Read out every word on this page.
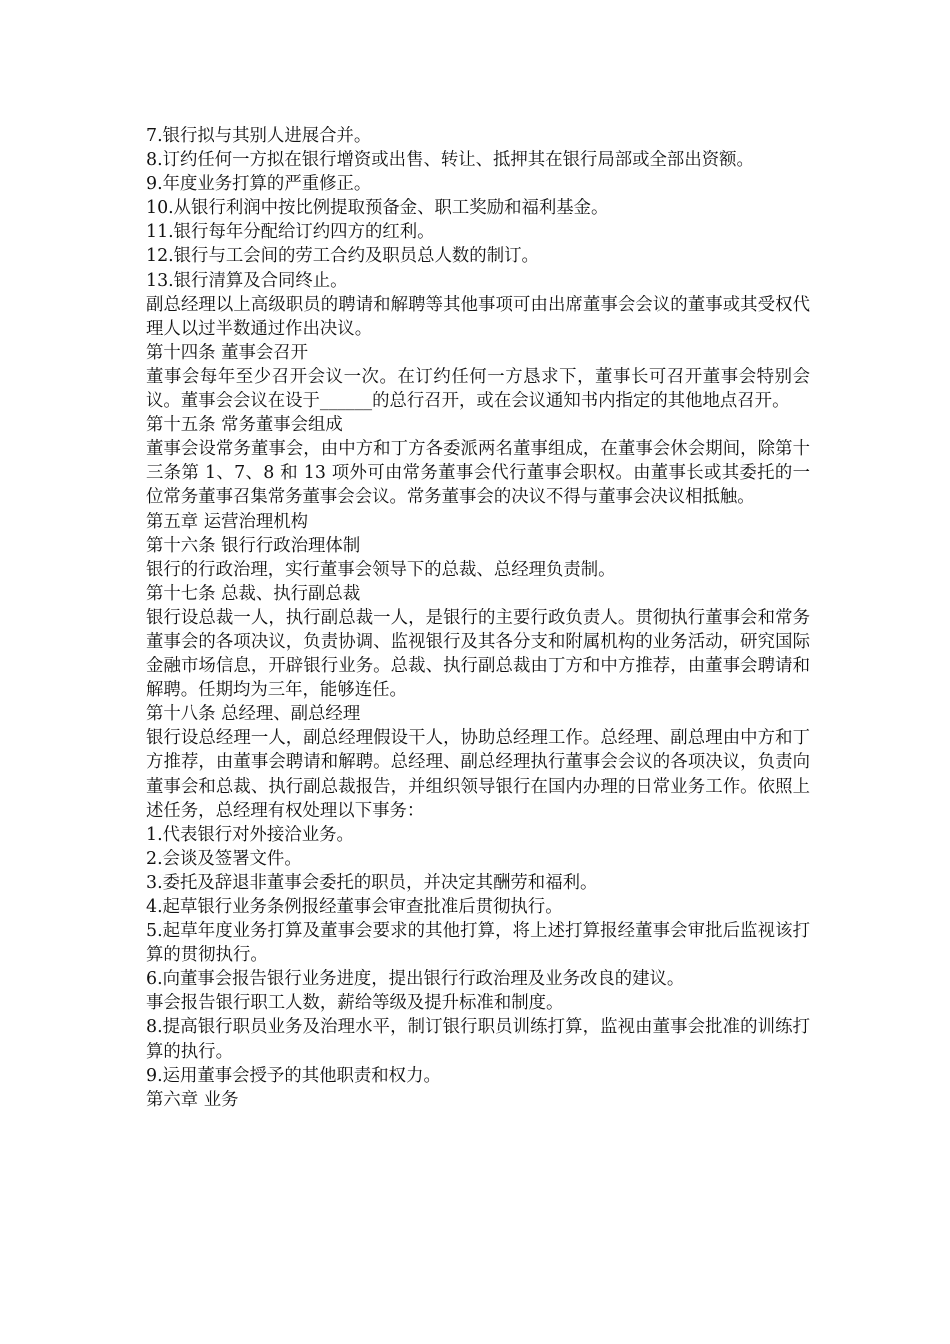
7.银行拟与其别人进展合并。

8.订约任何一方拟在银行增资或出售、转让、抵押其在银行局部或全部出资额。

9.年度业务打算的严重修正。

10.从银行利润中按比例提取预备金、职工奖励和福利基金。

11.银行每年分配给订约四方的红利。

12.银行与工会间的劳工合约及职员总人数的制订。

13.银行清算及合同终止。

副总经理以上高级职员的聘请和解聘等其他事项可由出席董事会会议的董事或其受权代理人以过半数通过作出决议。

第十四条 董事会召开

董事会每年至少召开会议一次。在订约任何一方恳求下，董事长可召开董事会特别会议。董事会会议在设于______的总行召开，或在会议通知书内指定的其他地点召开。

第十五条 常务董事会组成

董事会设常务董事会，由中方和丁方各委派两名董事组成，在董事会休会期间，除第十三条第 1、7、8 和 13 项外可由常务董事会代行董事会职权。由董事长或其委托的一位常务董事召集常务董事会会议。常务董事会的决议不得与董事会决议相抵触。

第五章 运营治理机构

第十六条 银行行政治理体制

银行的行政治理，实行董事会领导下的总裁、总经理负责制。

第十七条 总裁、执行副总裁

银行设总裁一人，执行副总裁一人，是银行的主要行政负责人。贯彻执行董事会和常务董事会的各项决议，负责协调、监视银行及其各分支和附属机构的业务活动，研究国际金融市场信息，开辟银行业务。总裁、执行副总裁由丁方和中方推荐，由董事会聘请和解聘。任期均为三年，能够连任。

第十八条 总经理、副总经理

银行设总经理一人，副总经理假设干人，协助总经理工作。总经理、副总理由中方和丁方推荐，由董事会聘请和解聘。总经理、副总经理执行董事会会议的各项决议，负责向董事会和总裁、执行副总裁报告，并组织领导银行在国内办理的日常业务工作。依照上述任务，总经理有权处理以下事务：

1.代表银行对外接洽业务。

2.会谈及签署文件。

3.委托及辞退非董事会委托的职员，并决定其酬劳和福利。

4.起草银行业务条例报经董事会审查批准后贯彻执行。

5.起草年度业务打算及董事会要求的其他打算，将上述打算报经董事会审批后监视该打算的贯彻执行。

6.向董事会报告银行业务进度，提出银行行政治理及业务改良的建议。

事会报告银行职工人数，薪给等级及提升标准和制度。

8.提高银行职员业务及治理水平，制订银行职员训练打算，监视由董事会批准的训练打算的执行。

9.运用董事会授予的其他职责和权力。

第六章 业务
